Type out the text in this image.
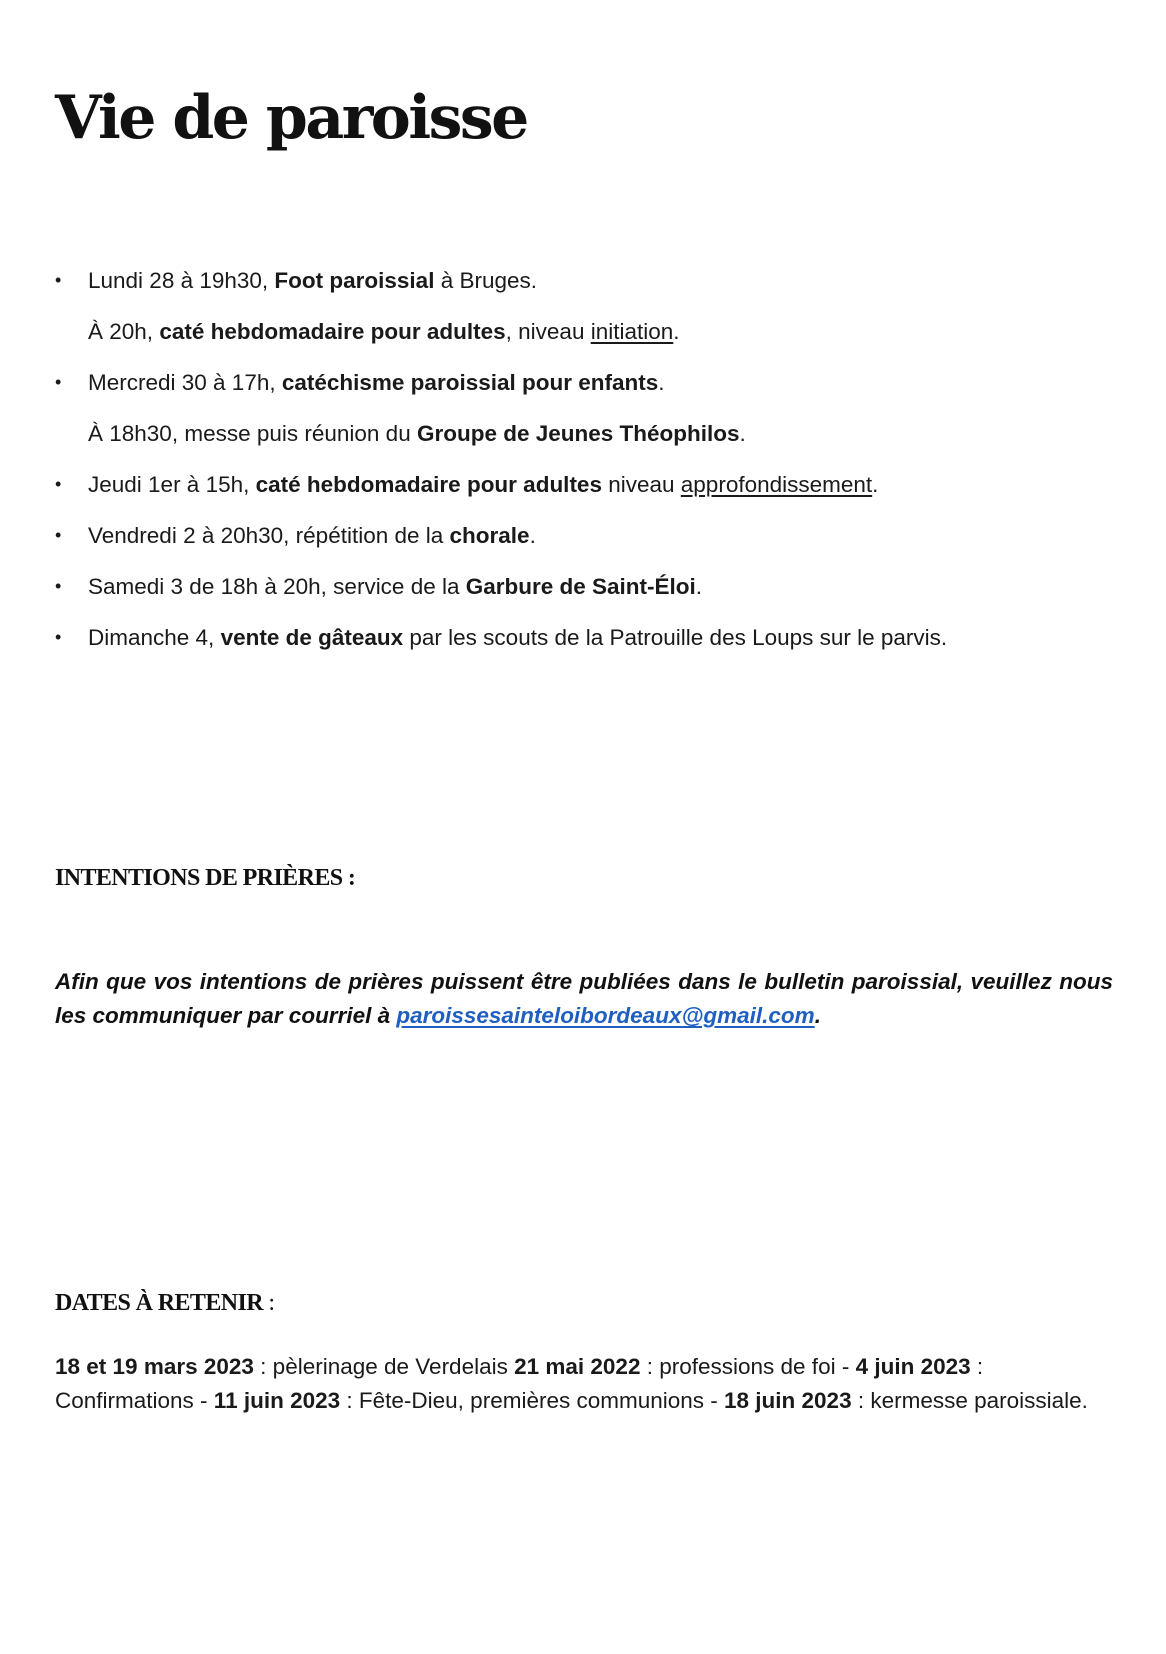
Vie de paroisse
• Lundi 28 à 19h30, Foot paroissial à Bruges.
À 20h, caté hebdomadaire pour adultes, niveau initiation.
• Mercredi 30 à 17h, catéchisme paroissial pour enfants.
À 18h30, messe puis réunion du Groupe de Jeunes Théophilos.
• Jeudi 1er à 15h, caté hebdomadaire pour adultes niveau approfondissement.
• Vendredi 2 à 20h30, répétition de la chorale.
• Samedi 3 de 18h à 20h, service de la Garbure de Saint-Éloi.
• Dimanche 4, vente de gâteaux par les scouts de la Patrouille des Loups sur le parvis.
INTENTIONS DE PRIÈRES :

Afin que vos intentions de prières puissent être publiées dans le bulletin paroissial, veuillez nous les communiquer par courriel à paroissesainteloibordeaux@gmail.com.

DATES À RETENIR :

18 et 19 mars 2023 : pèlerinage de Verdelais 21 mai 2022 : professions de foi - 4 juin 2023 : Confirmations - 11 juin 2023 : Fête-Dieu, premières communions - 18 juin 2023 : kermesse paroissiale.
